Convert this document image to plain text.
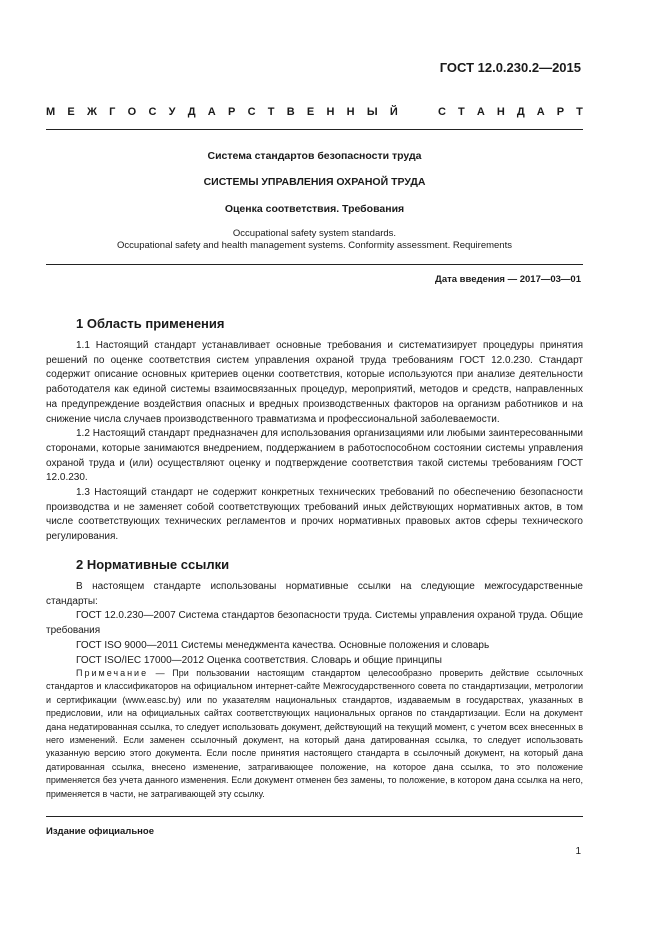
ГОСТ 12.0.230.2—2015
М Е Ж Г О С У Д А Р С Т В Е Н Н Ы Й	С Т А Н Д А Р Т
Система стандартов безопасности труда
СИСТЕМЫ УПРАВЛЕНИЯ ОХРАНОЙ ТРУДА
Оценка соответствия. Требования
Occupational safety system standards.
Occupational safety and health management systems. Conformity assessment. Requirements
Дата введения — 2017—03—01
1 Область применения

1.1 Настоящий стандарт устанавливает основные требования и систематизирует процедуры принятия решений по оценке соответствия систем управления охраной труда требованиям ГОСТ 12.0.230. Стандарт содержит описание основных критериев оценки соответствия, которые используются при анализе деятельности работодателя как единой системы взаимосвязанных процедур, мероприятий, методов и средств, направленных на предупреждение воздействия опасных и вредных производственных факторов на организм работников и на снижение числа случаев производственного травматизма и профессиональной заболеваемости.

1.2 Настоящий стандарт предназначен для использования организациями или любыми заинтересованными сторонами, которые занимаются внедрением, поддержанием в работоспособном состоянии системы управления охраной труда и (или) осуществляют оценку и подтверждение соответствия такой системы требованиям ГОСТ 12.0.230.

1.3 Настоящий стандарт не содержит конкретных технических требований по обеспечению безопасности производства и не заменяет собой соответствующих требований иных действующих нормативных актов, в том числе соответствующих технических регламентов и прочих нормативных правовых актов сферы технического регулирования.

2 Нормативные ссылки

В настоящем стандарте использованы нормативные ссылки на следующие межгосударственные стандарты:

ГОСТ 12.0.230—2007 Система стандартов безопасности труда. Системы управления охраной труда. Общие требования

ГОСТ ISO 9000—2011 Системы менеджмента качества. Основные положения и словарь

ГОСТ ISO/IEC 17000—2012 Оценка соответствия. Словарь и общие принципы

Примечание — При пользовании настоящим стандартом целесообразно проверить действие ссылочных стандартов и классификаторов на официальном интернет-сайте Межгосударственного совета по стандартизации, метрологии и сертификации (www.easc.by) или по указателям национальных стандартов, издаваемым в государствах, указанных в предисловии, или на официальных сайтах соответствующих национальных органов по стандартизации. Если на документ дана недатированная ссылка, то следует использовать документ, действующий на текущий момент, с учетом всех внесенных в него изменений. Если заменен ссылочный документ, на который дана датированная ссылка, то следует использовать указанную версию этого документа. Если после принятия настоящего стандарта в ссылочный документ, на который дана датированная ссылка, внесено изменение, затрагивающее положение, на которое дана ссылка, то это положение применяется без учета данного изменения. Если документ отменен без замены, то положение, в котором дана ссылка на него, применяется в части, не затрагивающей эту ссылку.

Издание официальное
1
